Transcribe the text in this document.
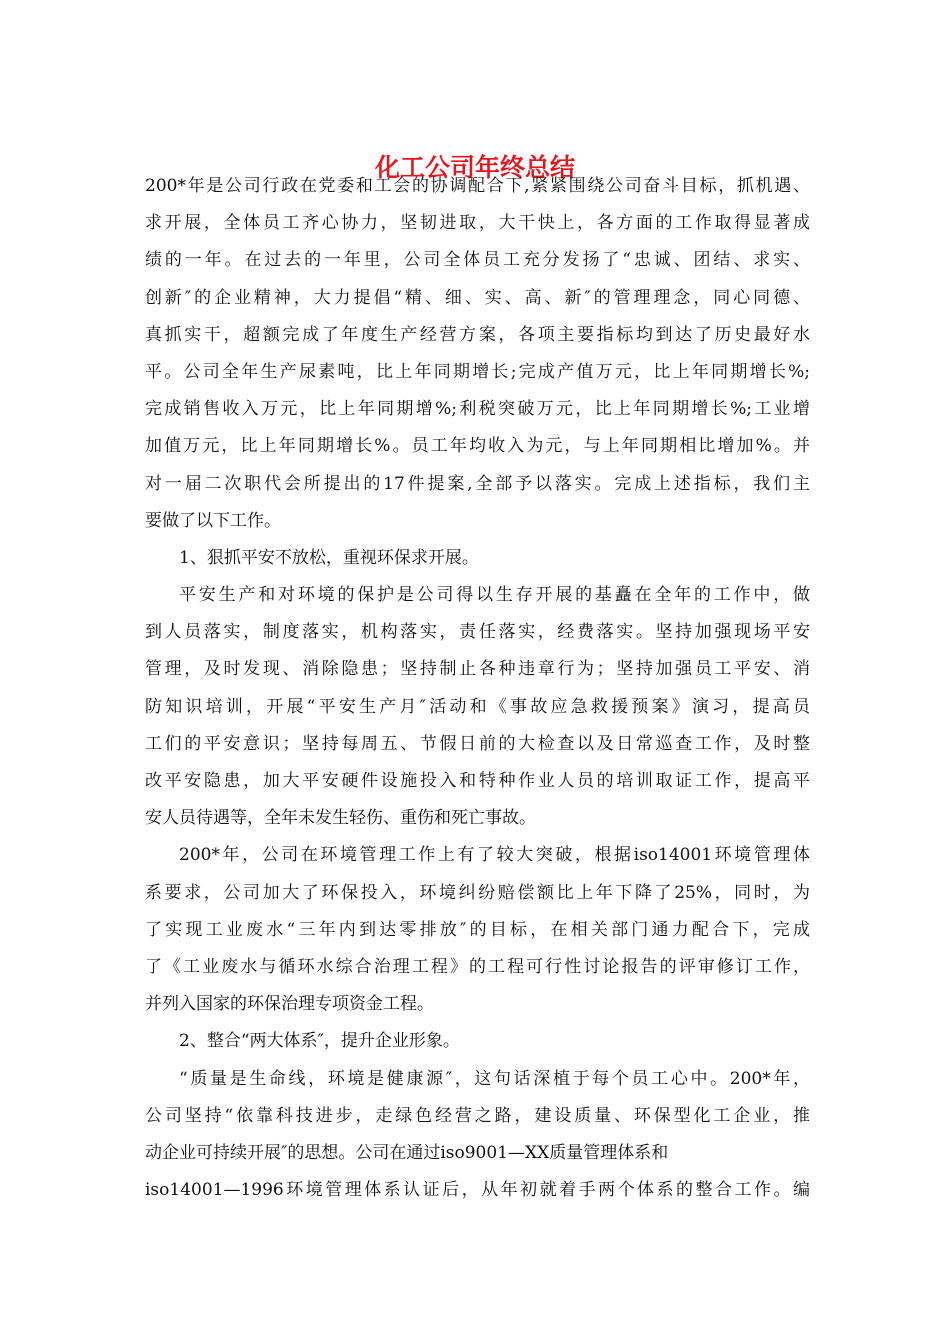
化工公司年终总结
200*年是公司行政在党委和工会的协调配合下,紧紧围绕公司奋斗目标，抓机遇、
求开展，全体员工齐心协力，坚韧进取，大干快上，各方面的工作取得显著成
绩的一年。在过去的一年里，公司全体员工充分发扬了“忠诚、团结、求实、
创新″的企业精神，大力提倡“精、细、实、高、新″的管理理念，同心同德、
真抓实干，超额完成了年度生产经营方案，各项主要指标均到达了历史最好水
平。公司全年生产尿素吨，比上年同期增长;完成产值万元，比上年同期增长%;
完成销售收入万元，比上年同期增%;利税突破万元，比上年同期增长%;工业增
加值万元，比上年同期增长%。员工年均收入为元，与上年同期相比增加%。并
对一届二次职代会所提出的17件提案,全部予以落实。完成上述指标，我们主
要做了以下工作。
1、狠抓平安不放松，重视环保求开展。
平安生产和对环境的保护是公司得以生存开展的基矗在全年的工作中，做
到人员落实，制度落实，机构落实，责任落实，经费落实。坚持加强现场平安
管理，及时发现、消除隐患；坚持制止各种违章行为；坚持加强员工平安、消
防知识培训，开展“平安生产月″活动和《事故应急救援预案》演习，提高员
工们的平安意识；坚持每周五、节假日前的大检查以及日常巡查工作，及时整
改平安隐患，加大平安硬件设施投入和特种作业人员的培训取证工作，提高平
安人员待遇等，全年未发生轻伤、重伤和死亡事故。
200*年，公司在环境管理工作上有了较大突破，根据iso14001环境管理体
系要求，公司加大了环保投入，环境纠纷赔偿额比上年下降了25%，同时，为
了实现工业废水“三年内到达零排放″的目标，在相关部门通力配合下，完成
了《工业废水与循环水综合治理工程》的工程可行性讨论报告的评审修订工作，
并列入国家的环保治理专项资金工程。
2、整合“两大体系″，提升企业形象。
“质量是生命线，环境是健康源″，这句话深植于每个员工心中。200*年，
公司坚持“依靠科技进步，走绿色经营之路，建设质量、环保型化工企业，推
动企业可持续开展″的思想。公司在通过iso9001—XX质量管理体系和
iso14001—1996环境管理体系认证后，从年初就着手两个体系的整合工作。编
